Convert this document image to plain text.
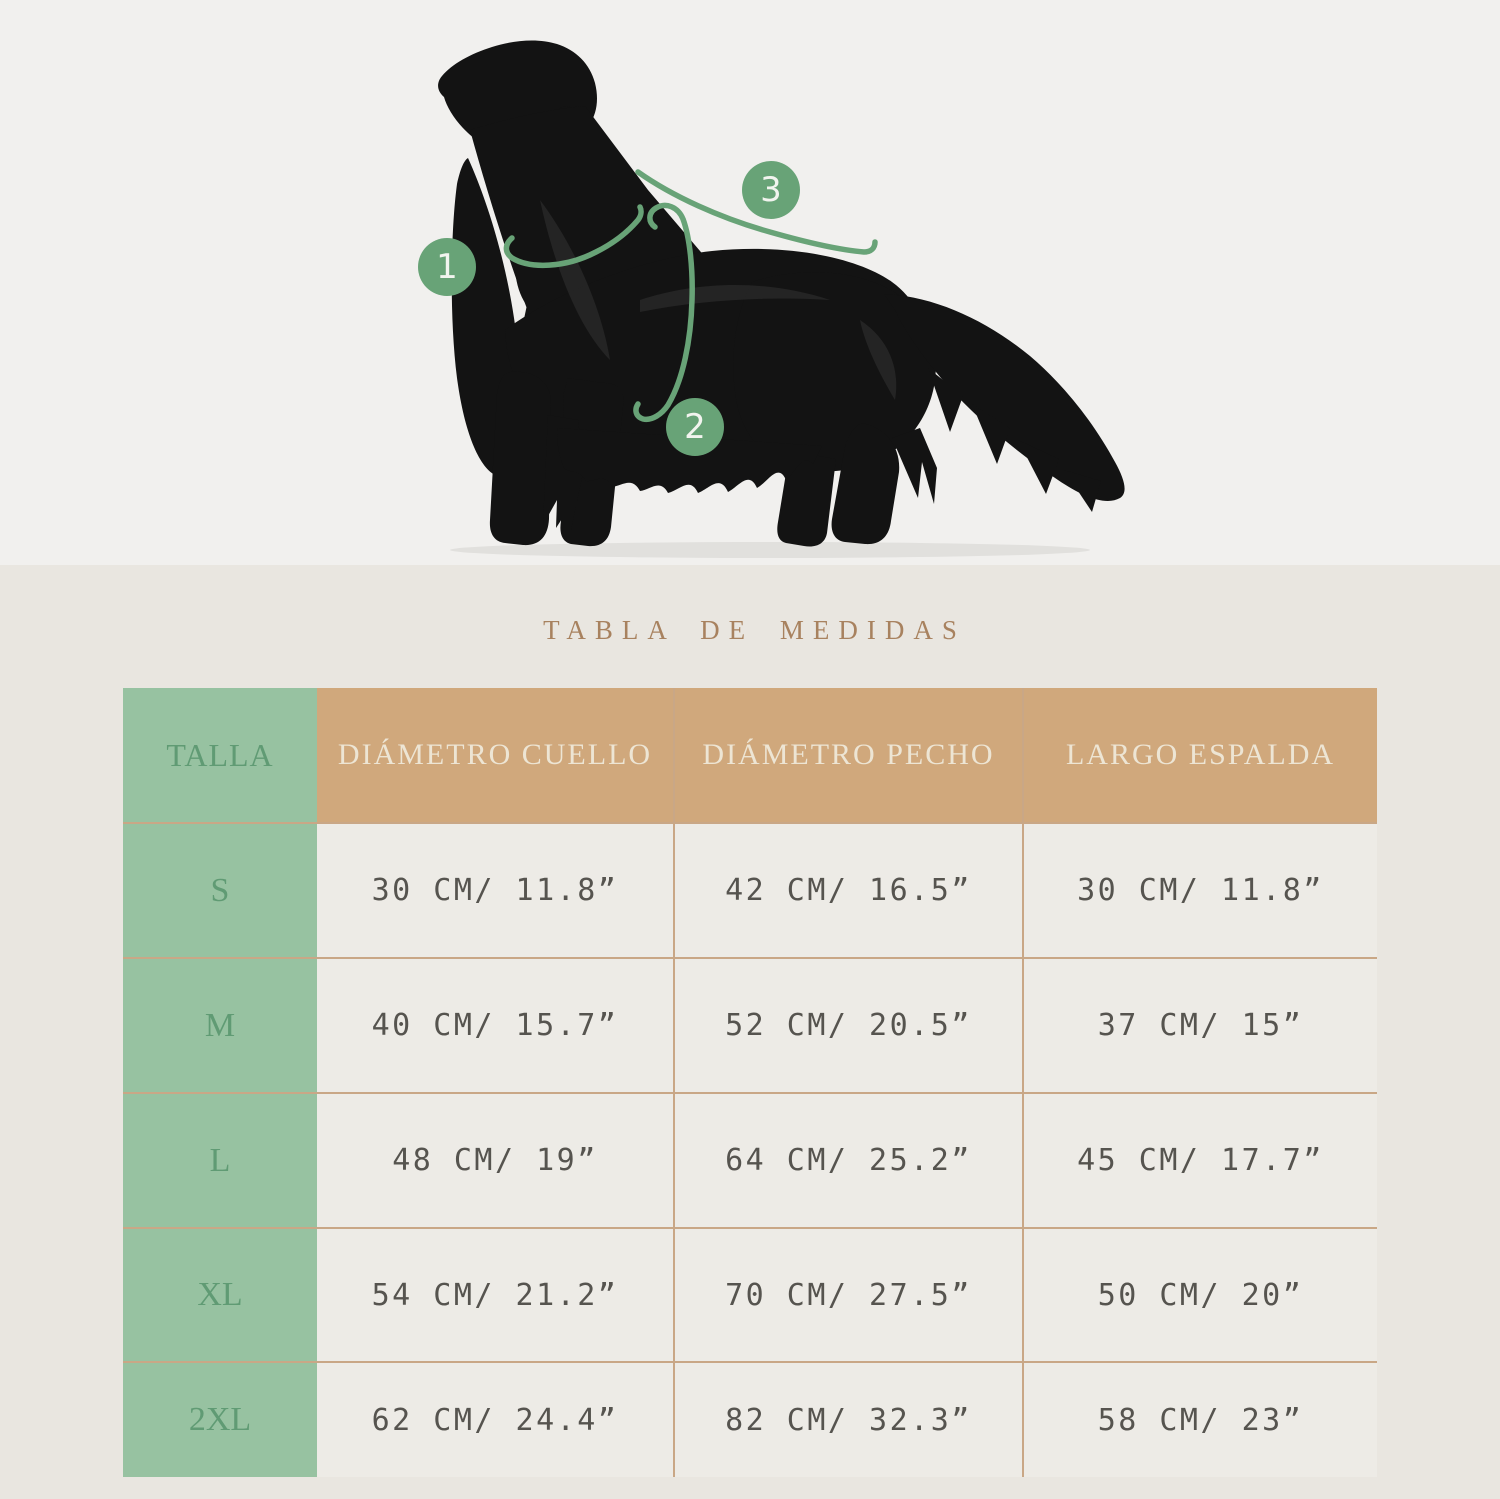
1
2
3
TABLA DE MEDIDAS
TALLA	DIÁMETRO CUELLO	DIÁMETRO PECHO	LARGO ESPALDA
S	30 CM/ 11.8”	42 CM/ 16.5”	30 CM/ 11.8”
M	40 CM/ 15.7”	52 CM/ 20.5”	37 CM/ 15”
L	48 CM/ 19”	64 CM/ 25.2”	45 CM/ 17.7”
XL	54 CM/ 21.2”	70 CM/ 27.5”	50 CM/ 20”
2XL	62 CM/ 24.4”	82 CM/ 32.3”	58 CM/ 23”
